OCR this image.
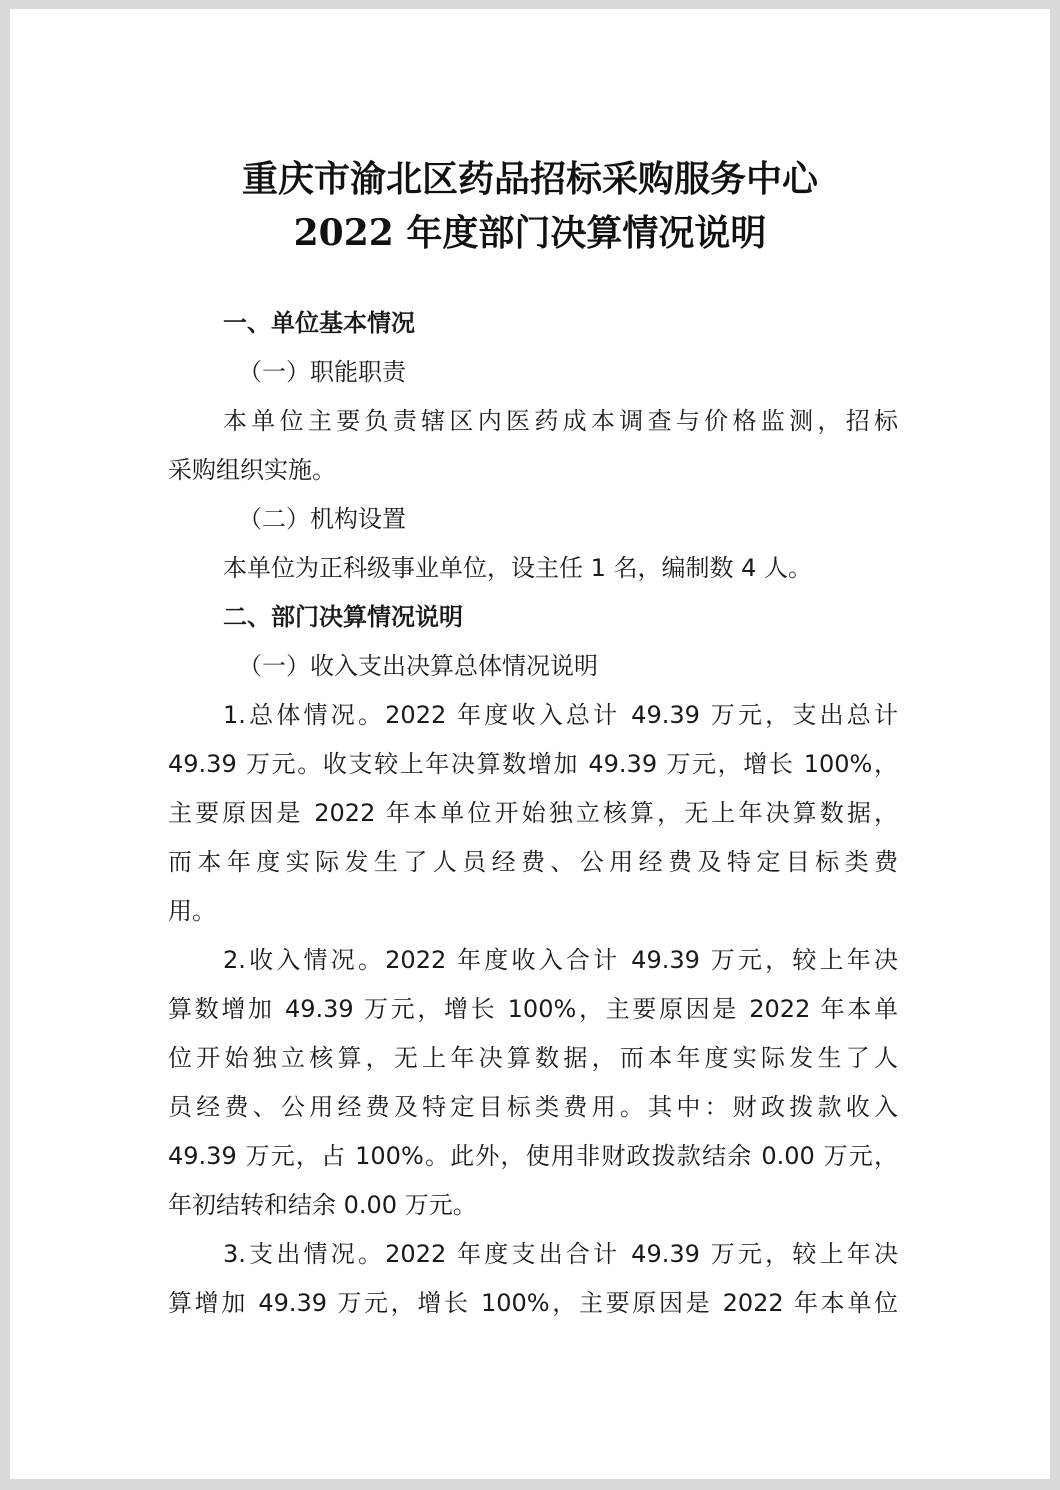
重庆市渝北区药品招标采购服务中心
2022 年度部门决算情况说明
一、单位基本情况
（一）职能职责
本单位主要负责辖区内医药成本调查与价格监测，招标
采购组织实施。
（二）机构设置
本单位为正科级事业单位，设主任 1 名，编制数 4 人。
二、部门决算情况说明
（一）收入支出决算总体情况说明
1.总体情况。2022 年度收入总计 49.39 万元，支出总计
49.39 万元。收支较上年决算数增加 49.39 万元，增长 100%，
主要原因是 2022 年本单位开始独立核算，无上年决算数据，
而本年度实际发生了人员经费、公用经费及特定目标类费
用。
2.收入情况。2022 年度收入合计 49.39 万元，较上年决
算数增加 49.39 万元，增长 100%，主要原因是 2022 年本单
位开始独立核算，无上年决算数据，而本年度实际发生了人
员经费、公用经费及特定目标类费用。其中：财政拨款收入
49.39 万元，占 100%。此外，使用非财政拨款结余 0.00 万元，
年初结转和结余 0.00 万元。
3.支出情况。2022 年度支出合计 49.39 万元，较上年决
算增加 49.39 万元，增长 100%，主要原因是 2022 年本单位
